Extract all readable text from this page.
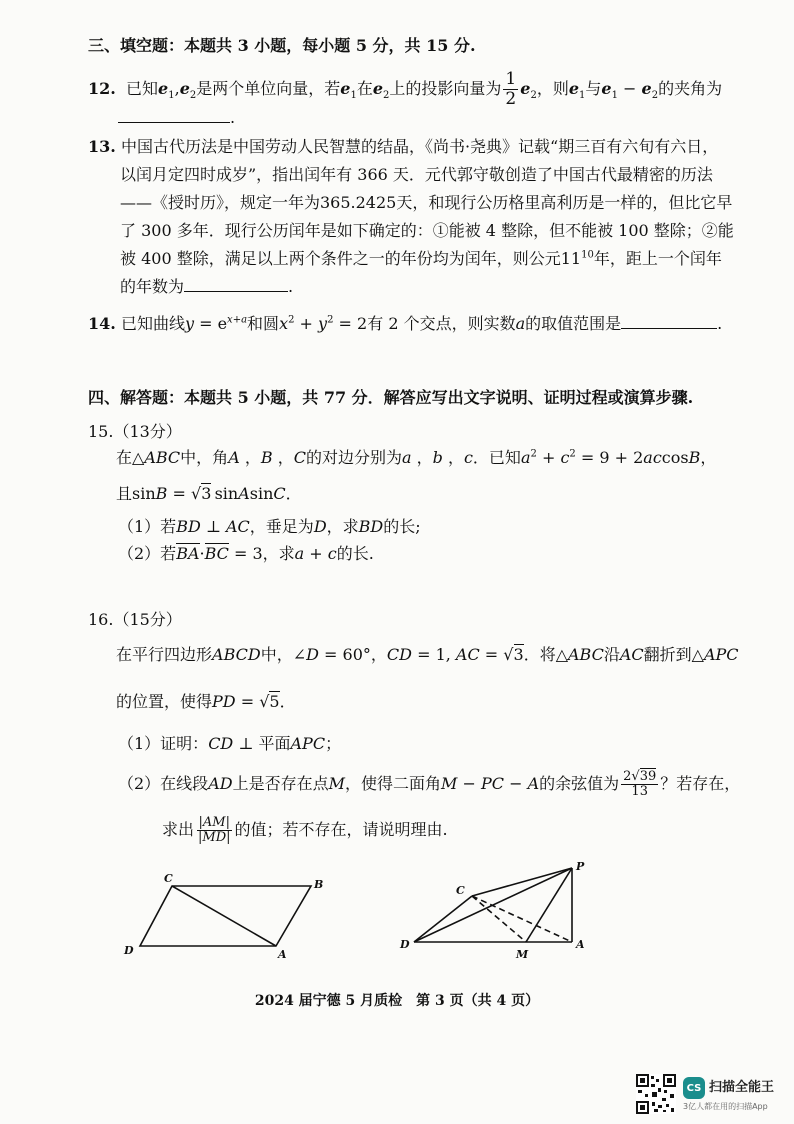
三、填空题：本题共 3 小题，每小题 5 分，共 15 分.
12. 已知$e_1,e_2$是两个单位向量，若$e_1$在$e_2$上的投影向量为 $\frac{1}{2} e_2$，则$e_1$与$e_1 - e_2$的夹角为
.
13. 中国古代历法是中国劳动人民智慧的结晶，《尚书·尧典》记载“期三百有六旬有六日，
以闰月定四时成岁”，指出闰年有 366 天．元代郭守敬创造了中国古代最精密的历法
——《授时历》，规定一年为365.2425天，和现行公历格里高利历是一样的，但比它早
了 300 多年．现行公历闰年是如下确定的：①能被 4 整除，但不能被 100 整除；②能
被 400 整除，满足以上两个条件之一的年份均为闰年，则公元$11^{10}$年，距上一个闰年
的年数为	.
14. 已知曲线$y = e^{x+a}$和圆$x^2 + y^2 = 2$有 2 个交点，则实数a的取值范围是	.
四、解答题：本题共 5 小题，共 77 分．解答应写出文字说明、证明过程或演算步骤.
15.（13分）
在△ABC中，角A ，B ，C的对边分别为a ，b ，c．已知$a^2 + c^2 = 9 + 2accosB$，
且sinB = √3 sinAsinC．
（1）若BD ⊥ AC，垂足为D，求BD的长;
（2）若BA·BC = 3，求a + c的长.
16.（15分）
在平行四边形ABCD中，∠D = 60°，CD = 1, AC = √3．将△ABC沿AC翻折到△APC
的位置，使得PD = √5．
（1）证明：CD ⊥ 平面APC；
（2）在线段AD上是否存在点M，使得二面角M − PC − A的余弦值为 $\frac{2√39}{13}$ ？若存在，
求出 $\frac{|AM|}{|MD|}$ 的值；若不存在，请说明理由.
C	B
D	A
P
C
D
M
A
2024 届宁德 5 月质检　第 3 页（共 4 页）
CS 扫描全能王
3亿人都在用的扫描App
